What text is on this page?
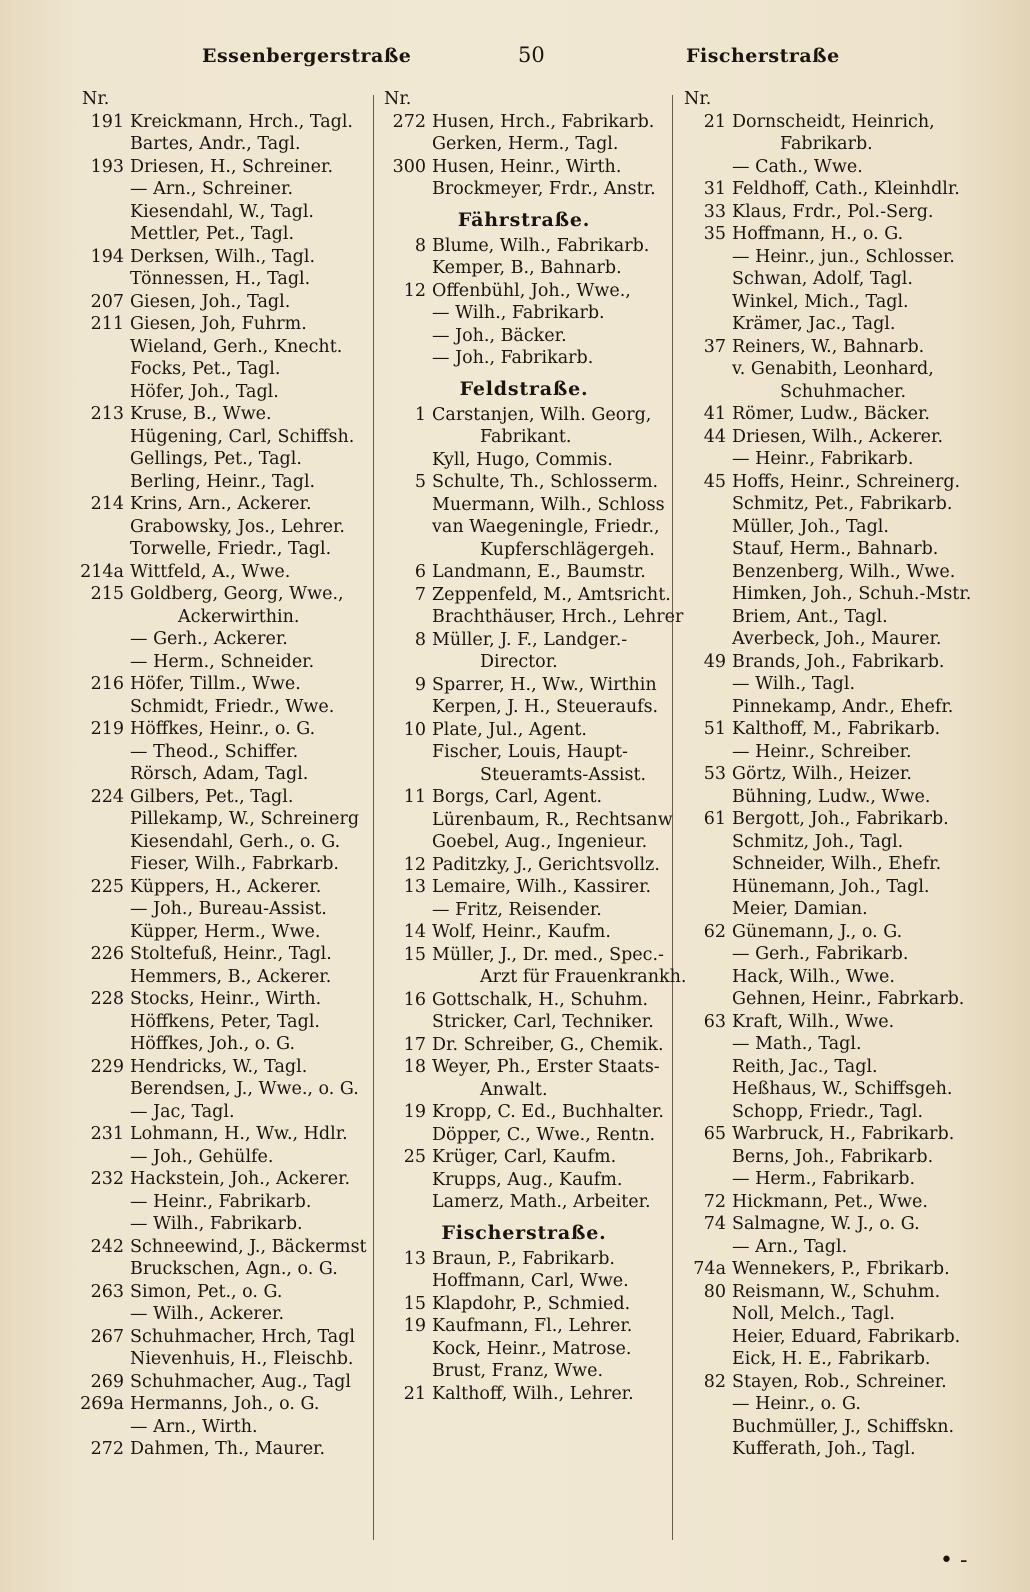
Essenbergerstraße	50	Fischerstraße
Nr.
191 Kreickmann, Hrch., Tagl.
Bartes, Andr., Tagl.
193 Driesen, H., Schreiner.
— Arn., Schreiner.
Kiesendahl, W., Tagl.
Mettler, Pet., Tagl.
194 Derksen, Wilh., Tagl.
Tönnessen, H., Tagl.
207 Giesen, Joh., Tagl.
211 Giesen, Joh, Fuhrm.
Wieland, Gerh., Knecht.
Focks, Pet., Tagl.
Höfer, Joh., Tagl.
213 Kruse, B., Wwe.
Hügening, Carl, Schiffsh.
Gellings, Pet., Tagl.
Berling, Heinr., Tagl.
214 Krins, Arn., Ackerer.
Grabowsky, Jos., Lehrer.
Torwelle, Friedr., Tagl.
214a Wittfeld, A., Wwe.
215 Goldberg, Georg, Wwe.,
Ackerwirthin.
— Gerh., Ackerer.
— Herm., Schneider.
216 Höfer, Tillm., Wwe.
Schmidt, Friedr., Wwe.
219 Höffkes, Heinr., o. G.
— Theod., Schiffer.
Rörsch, Adam, Tagl.
224 Gilbers, Pet., Tagl.
Pillekamp, W., Schreinerg
Kiesendahl, Gerh., o. G.
Fieser, Wilh., Fabrkarb.
225 Küppers, H., Ackerer.
— Joh., Bureau-Assist.
Küpper, Herm., Wwe.
226 Stoltefuß, Heinr., Tagl.
Hemmers, B., Ackerer.
228 Stocks, Heinr., Wirth.
Höffkens, Peter, Tagl.
Höffkes, Joh., o. G.
229 Hendricks, W., Tagl.
Berendsen, J., Wwe., o. G.
— Jac, Tagl.
231 Lohmann, H., Ww., Hdlr.
— Joh., Gehülfe.
232 Hackstein, Joh., Ackerer.
— Heinr., Fabrikarb.
— Wilh., Fabrikarb.
242 Schneewind, J., Bäckermst
Bruckschen, Agn., o. G.
263 Simon, Pet., o. G.
— Wilh., Ackerer.
267 Schuhmacher, Hrch, Tagl
Nievenhuis, H., Fleischb.
269 Schuhmacher, Aug., Tagl
269a Hermanns, Joh., o. G.
— Arn., Wirth.
272 Dahmen, Th., Maurer.
Nr.
272 Husen, Hrch., Fabrikarb.
Gerken, Herm., Tagl.
300 Husen, Heinr., Wirth.
Brockmeyer, Frdr., Anstr.
Fährstraße.
8 Blume, Wilh., Fabrikarb.
Kemper, B., Bahnarb.
12 Offenbühl, Joh., Wwe.,
— Wilh., Fabrikarb.
— Joh., Bäcker.
— Joh., Fabrikarb.
Feldstraße.
1 Carstanjen, Wilh. Georg,
Fabrikant.
Kyll, Hugo, Commis.
5 Schulte, Th., Schlosserm.
Muermann, Wilh., Schloss
van Waegeningle, Friedr.,
Kupferschlägergeh.
6 Landmann, E., Baumstr.
7 Zeppenfeld, M., Amtsricht.
Brachthäuser, Hrch., Lehrer
8 Müller, J. F., Landger.-
Director.
9 Sparrer, H., Ww., Wirthin
Kerpen, J. H., Steueraufs.
10 Plate, Jul., Agent.
Fischer, Louis, Haupt-
Steueramts-Assist.
11 Borgs, Carl, Agent.
Lürenbaum, R., Rechtsanw
Goebel, Aug., Ingenieur.
12 Paditzky, J., Gerichtsvollz.
13 Lemaire, Wilh., Kassirer.
— Fritz, Reisender.
14 Wolf, Heinr., Kaufm.
15 Müller, J., Dr. med., Spec.-
Arzt für Frauenkrankh.
16 Gottschalk, H., Schuhm.
Stricker, Carl, Techniker.
17 Dr. Schreiber, G., Chemik.
18 Weyer, Ph., Erster Staats-
Anwalt.
19 Kropp, C. Ed., Buchhalter.
Döpper, C., Wwe., Rentn.
25 Krüger, Carl, Kaufm.
Krupps, Aug., Kaufm.
Lamerz, Math., Arbeiter.
Fischerstraße.
13 Braun, P., Fabrikarb.
Hoffmann, Carl, Wwe.
15 Klapdohr, P., Schmied.
19 Kaufmann, Fl., Lehrer.
Kock, Heinr., Matrose.
Brust, Franz, Wwe.
21 Kalthoff, Wilh., Lehrer.
Nr.
21 Dornscheidt, Heinrich,
Fabrikarb.
— Cath., Wwe.
31 Feldhoff, Cath., Kleinhdlr.
33 Klaus, Frdr., Pol.-Serg.
35 Hoffmann, H., o. G.
— Heinr., jun., Schlosser.
Schwan, Adolf, Tagl.
Winkel, Mich., Tagl.
Krämer, Jac., Tagl.
37 Reiners, W., Bahnarb.
v. Genabith, Leonhard,
Schuhmacher.
41 Römer, Ludw., Bäcker.
44 Driesen, Wilh., Ackerer.
— Heinr., Fabrikarb.
45 Hoffs, Heinr., Schreinerg.
Schmitz, Pet., Fabrikarb.
Müller, Joh., Tagl.
Stauf, Herm., Bahnarb.
Benzenberg, Wilh., Wwe.
Himken, Joh., Schuh.-Mstr.
Briem, Ant., Tagl.
Averbeck, Joh., Maurer.
49 Brands, Joh., Fabrikarb.
— Wilh., Tagl.
Pinnekamp, Andr., Ehefr.
51 Kalthoff, M., Fabrikarb.
— Heinr., Schreiber.
53 Görtz, Wilh., Heizer.
Bühning, Ludw., Wwe.
61 Bergott, Joh., Fabrikarb.
Schmitz, Joh., Tagl.
Schneider, Wilh., Ehefr.
Hünemann, Joh., Tagl.
Meier, Damian.
62 Günemann, J., o. G.
— Gerh., Fabrikarb.
Hack, Wilh., Wwe.
Gehnen, Heinr., Fabrkarb.
63 Kraft, Wilh., Wwe.
— Math., Tagl.
Reith, Jac., Tagl.
Heßhaus, W., Schiffsgeh.
Schopp, Friedr., Tagl.
65 Warbruck, H., Fabrikarb.
Berns, Joh., Fabrikarb.
— Herm., Fabrikarb.
72 Hickmann, Pet., Wwe.
74 Salmagne, W. J., o. G.
— Arn., Tagl.
74a Wennekers, P., Fbrikarb.
80 Reismann, W., Schuhm.
Noll, Melch., Tagl.
Heier, Eduard, Fabrikarb.
Eick, H. E., Fabrikarb.
82 Stayen, Rob., Schreiner.
— Heinr., o. G.
Buchmüller, J., Schiffskn.
Kufferath, Joh., Tagl.
• -
